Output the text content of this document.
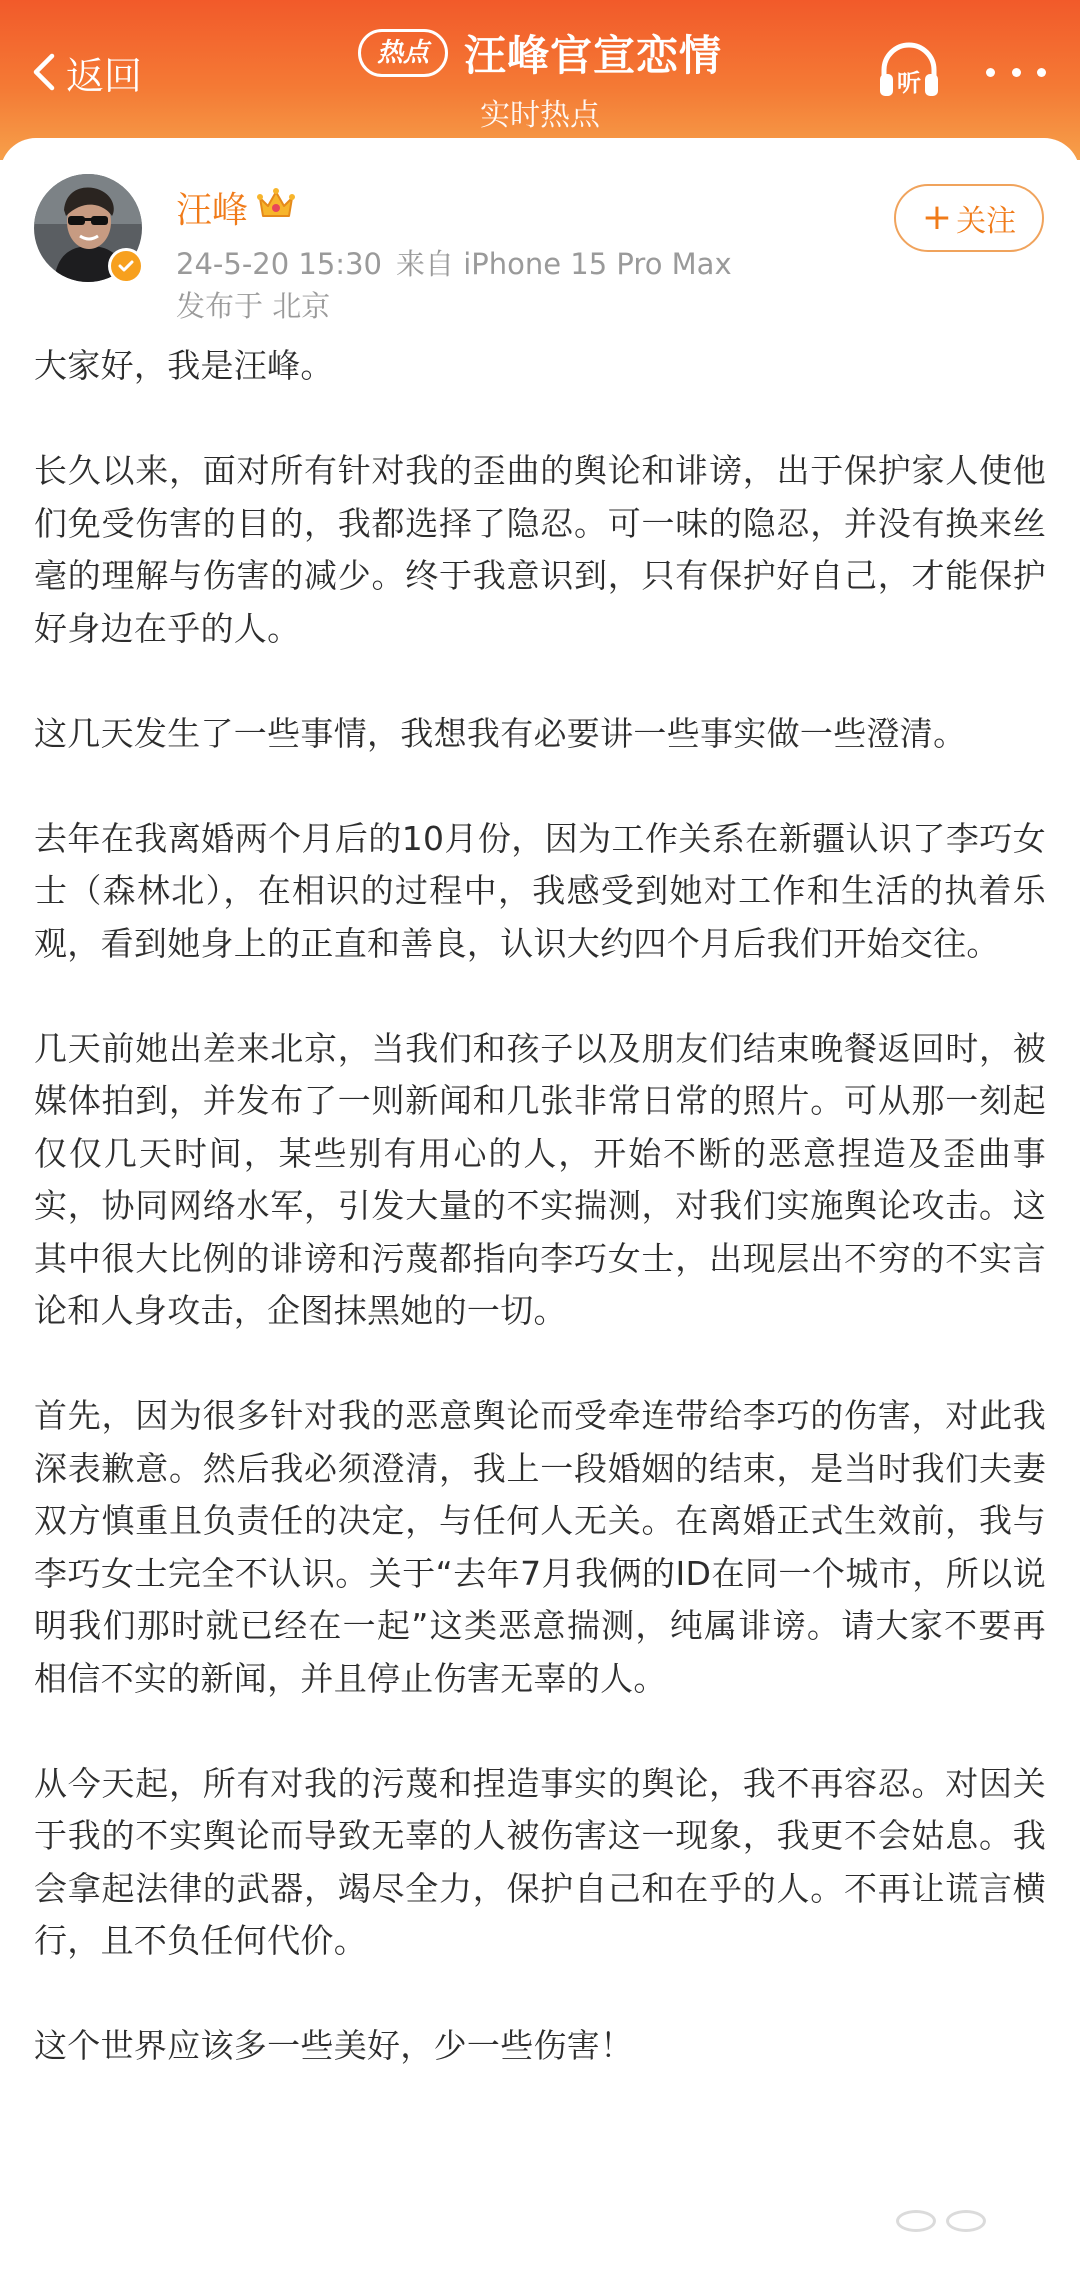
返回
热点 汪峰官宣恋情
实时热点
听
汪峰
24-5-20 15:30 来自 iPhone 15 Pro Max
发布于 北京
+ 关注

大家好，我是汪峰。

长久以来，面对所有针对我的歪曲的舆论和诽谤，出于保护家人使他们免受伤害的目的，我都选择了隐忍。可一味的隐忍，并没有换来丝毫的理解与伤害的减少。终于我意识到，只有保护好自己，才能保护好身边在乎的人。

这几天发生了一些事情，我想我有必要讲一些事实做一些澄清。

去年在我离婚两个月后的10月份，因为工作关系在新疆认识了李巧女士（森林北），在相识的过程中，我感受到她对工作和生活的执着乐观，看到她身上的正直和善良，认识大约四个月后我们开始交往。

几天前她出差来北京，当我们和孩子以及朋友们结束晚餐返回时，被媒体拍到，并发布了一则新闻和几张非常日常的照片。可从那一刻起仅仅几天时间，某些别有用心的人，开始不断的恶意捏造及歪曲事实，协同网络水军，引发大量的不实揣测，对我们实施舆论攻击。这其中很大比例的诽谤和污蔑都指向李巧女士，出现层出不穷的不实言论和人身攻击，企图抹黑她的一切。

首先，因为很多针对我的恶意舆论而受牵连带给李巧的伤害，对此我深表歉意。然后我必须澄清，我上一段婚姻的结束，是当时我们夫妻双方慎重且负责任的决定，与任何人无关。在离婚正式生效前，我与李巧女士完全不认识。关于“去年7月我俩的ID在同一个城市，所以说明我们那时就已经在一起”这类恶意揣测，纯属诽谤。请大家不要再相信不实的新闻，并且停止伤害无辜的人。

从今天起，所有对我的污蔑和捏造事实的舆论，我不再容忍。对因关于我的不实舆论而导致无辜的人被伤害这一现象，我更不会姑息。我会拿起法律的武器，竭尽全力，保护自己和在乎的人。不再让谎言横行，且不负任何代价。

这个世界应该多一些美好，少一些伤害！
